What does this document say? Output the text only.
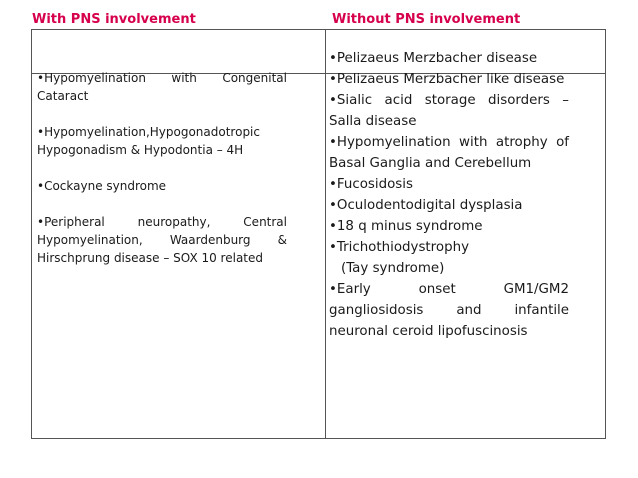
With PNS involvement	Without PNS involvement
•Hypomyelination with Congenital Cataract
•Hypomyelination,Hypogonadotropic Hypogonadism & Hypodontia – 4H
•Cockayne syndrome
•Peripheral neuropathy, Central Hypomyelination, Waardenburg & Hirschprung disease – SOX 10 related
•Pelizaeus Merzbacher disease
•Pelizaeus Merzbacher like disease
•Sialic acid storage disorders – Salla disease
•Hypomyelination with atrophy of Basal Ganglia and Cerebellum
•Fucosidosis
•Oculodentodigital dysplasia
•18 q minus syndrome
•Trichothiodystrophy
(Tay syndrome)
•Early onset GM1/GM2 gangliosidosis and infantile neuronal ceroid lipofuscinosis
